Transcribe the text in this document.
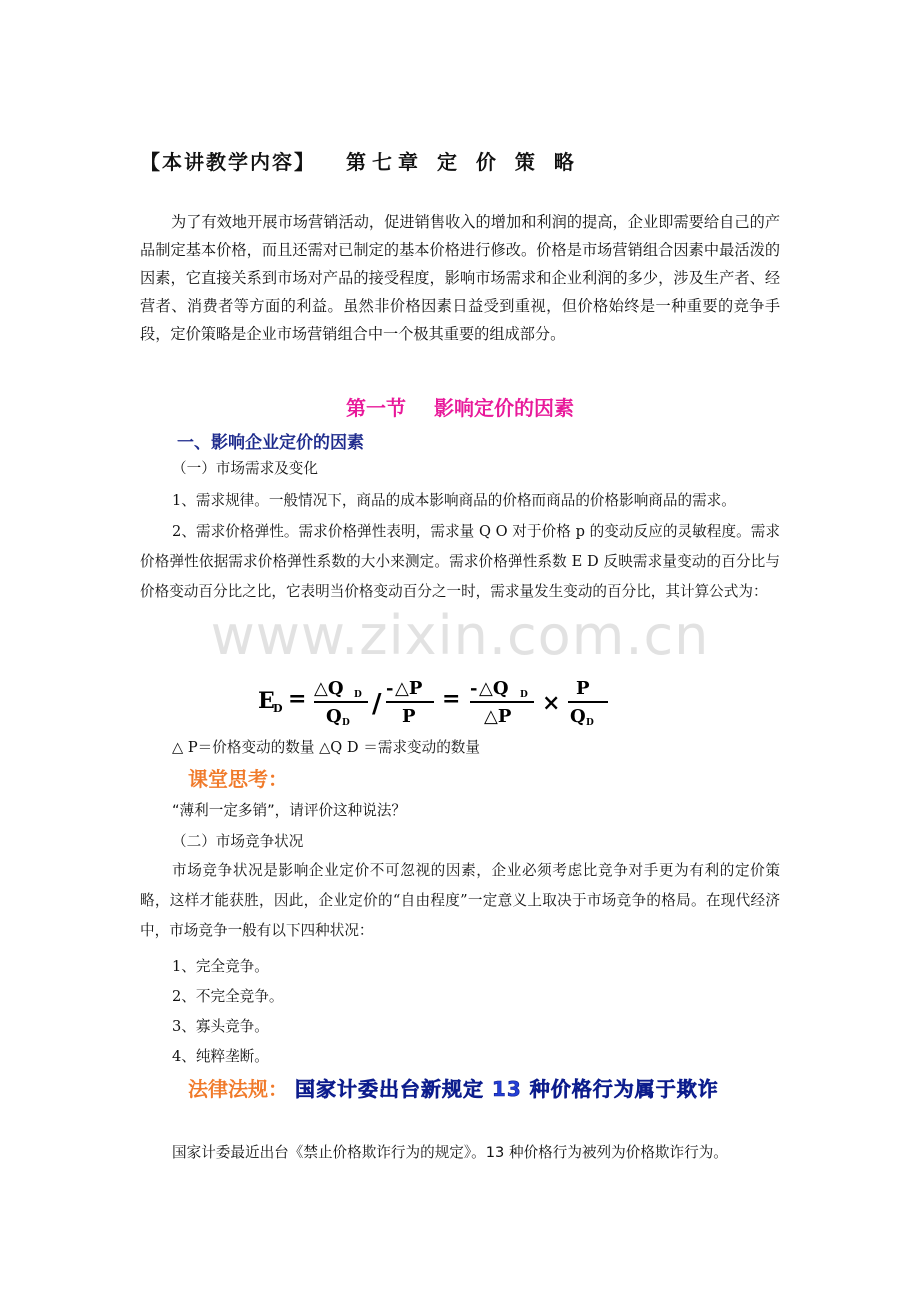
【本讲教学内容】 第七章 定 价 策 略

为了有效地开展市场营销活动，促进销售收入的增加和利润的提高，企业即需要给自己的产品制定基本价格，而且还需对已制定的基本价格进行修改。价格是市场营销组合因素中最活泼的因素，它直接关系到市场对产品的接受程度，影响市场需求和企业利润的多少，涉及生产者、经营者、消费者等方面的利益。虽然非价格因素日益受到重视，但价格始终是一种重要的竞争手段，定价策略是企业市场营销组合中一个极其重要的组成部分。

第一节 影响定价的因素
一、影响企业定价的因素
（一）市场需求及变化
1、需求规律。一般情况下，商品的成本影响商品的价格而商品的价格影响商品的需求。

2、需求价格弹性。需求价格弹性表明，需求量 Q O 对于价格 p 的变动反应的灵敏程度。需求价格弹性依据需求价格弹性系数的大小来测定。需求价格弹性系数 E D 反映需求量变动的百分比与价格变动百分比之比，它表明当价格变动百分之一时，需求量发生变动的百分比，其计算公式为：

E
D = △Q D
Q D
/
- △P
P
= - △Q D
△P
×
P
Q D
△ P＝价格变动的数量 △Q D ＝需求变动的数量
课堂思考：
“薄利一定多销”，请评价这种说法？
（二）市场竞争状况

市场竞争状况是影响企业定价不可忽视的因素，企业必须考虑比竞争对手更为有利的定价策略，这样才能获胜，因此，企业定价的“自由程度”一定意义上取决于市场竞争的格局。在现代经济中，市场竞争一般有以下四种状况：

1、完全竞争。
2、不完全竞争。
3、寡头竞争。
4、纯粹垄断。
法律法规： 国家计委出台新规定 13 种价格行为属于欺诈
国家计委最近出台《禁止价格欺诈行为的规定》。13 种价格行为被列为价格欺诈行为。
www.zixin.com.cn
